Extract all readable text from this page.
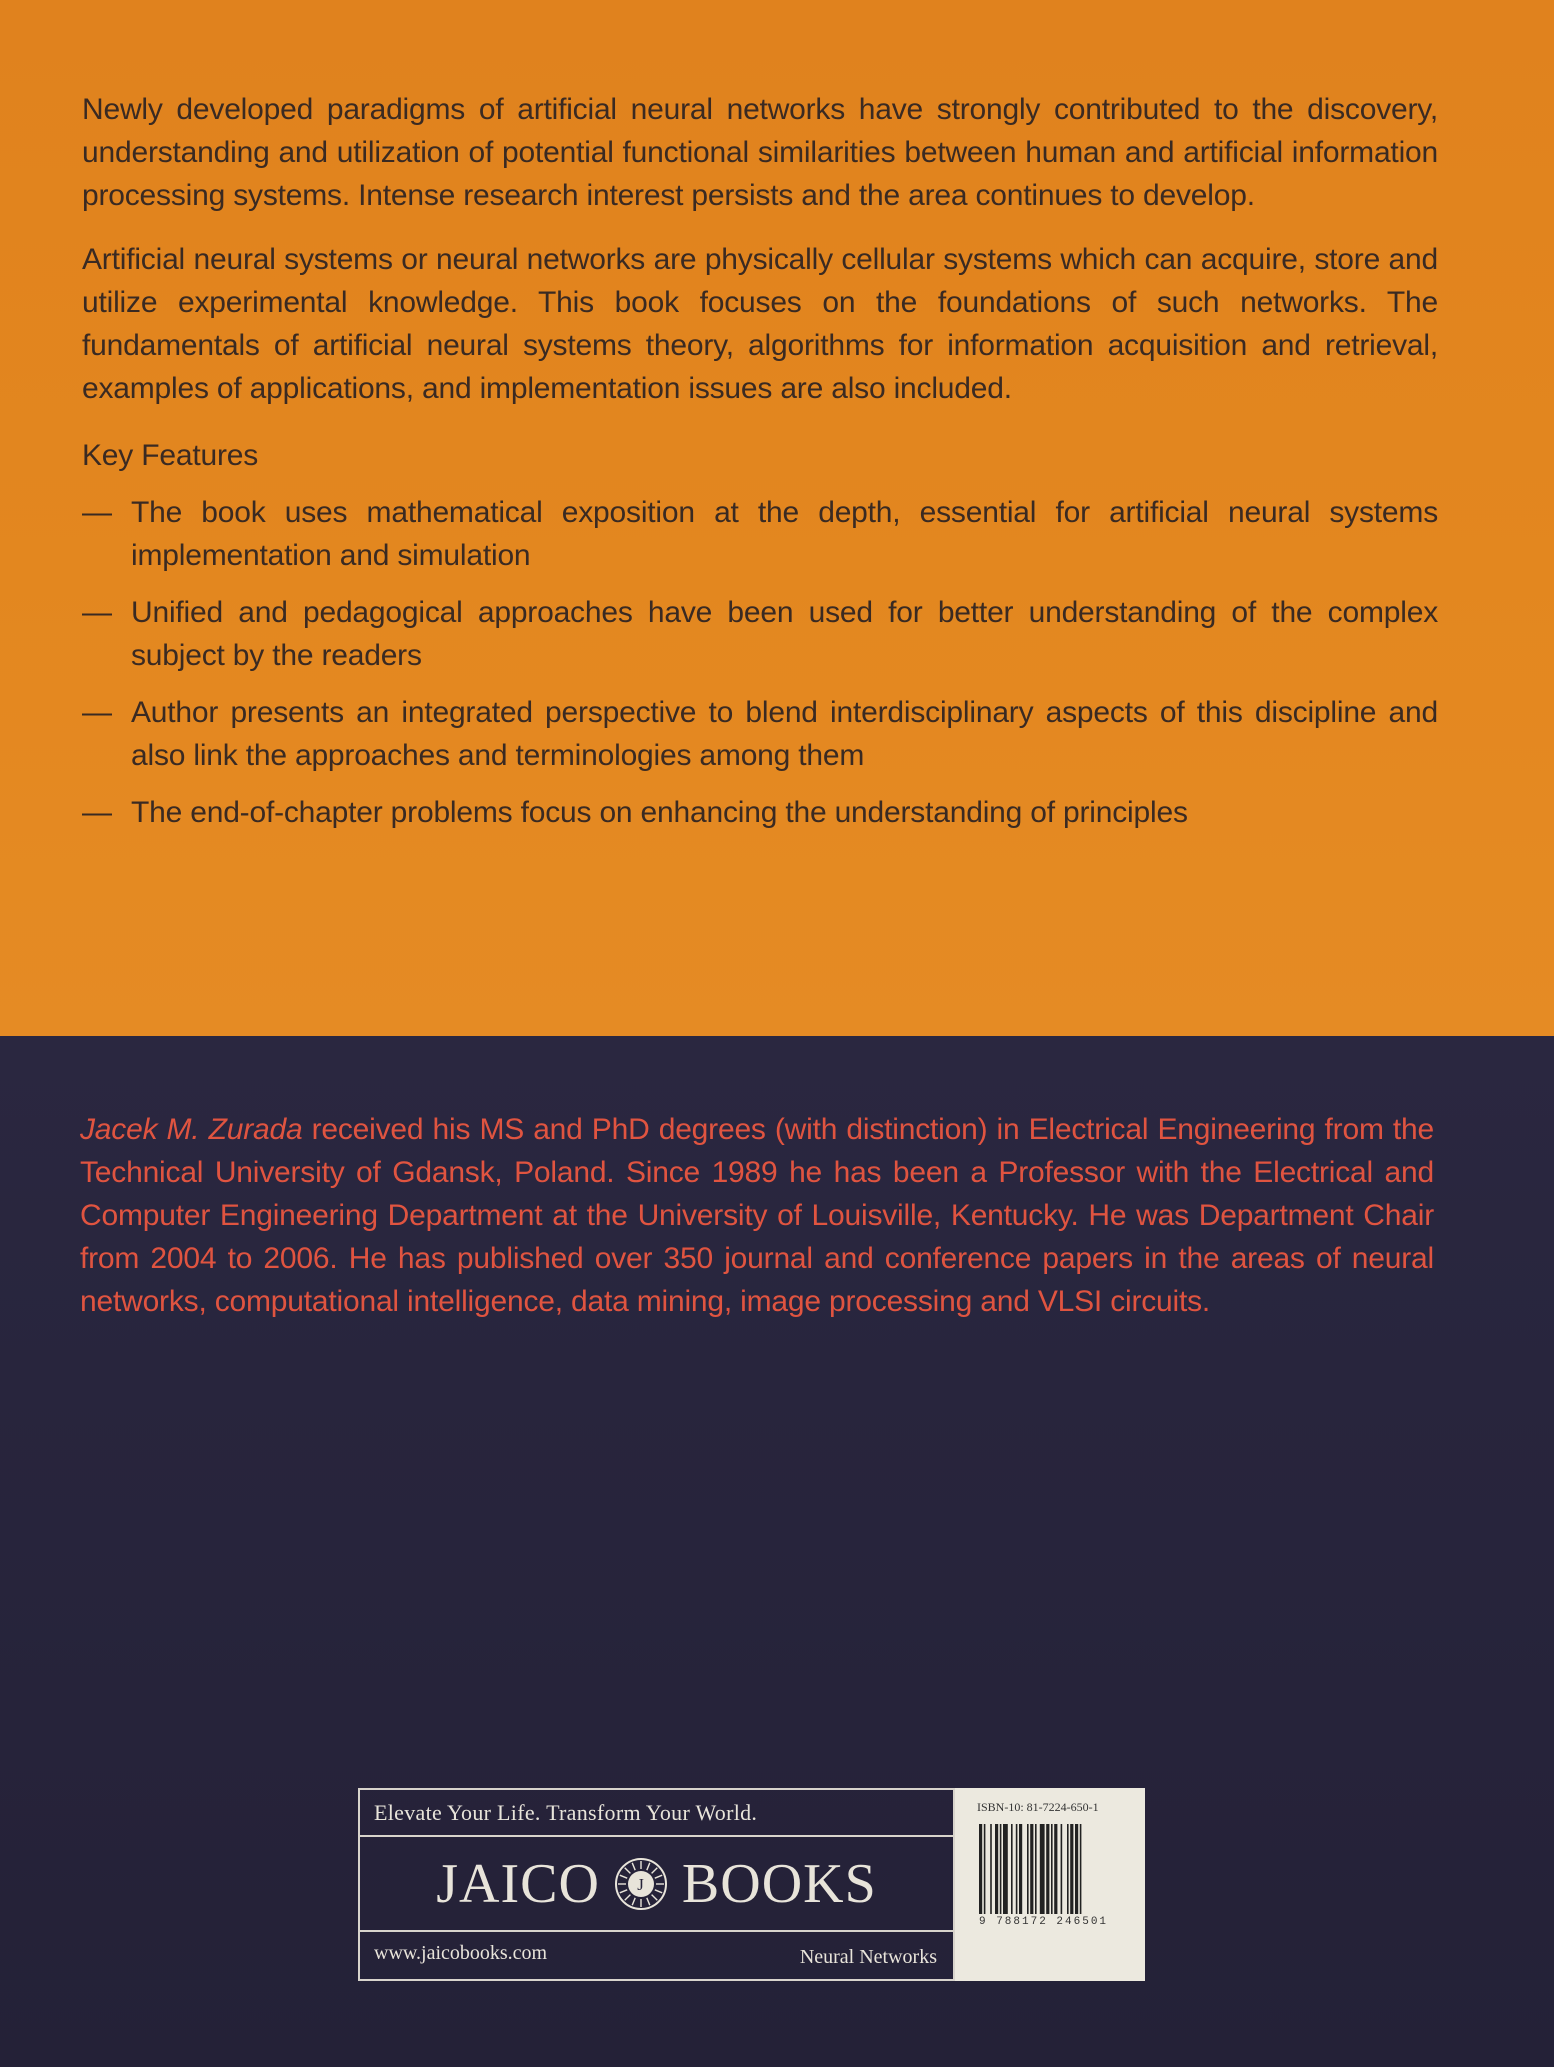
Newly developed paradigms of artificial neural networks have strongly contributed to the discovery, understanding and utilization of potential functional similarities between human and artificial information processing systems. Intense research interest persists and the area continues to develop.

Artificial neural systems or neural networks are physically cellular systems which can acquire, store and utilize experimental knowledge. This book focuses on the foundations of such networks. The fundamentals of artificial neural systems theory, algorithms for information acquisition and retrieval, examples of applications, and implementation issues are also included.

Key Features
— The book uses mathematical exposition at the depth, essential for artificial neural systems implementation and simulation
— Unified and pedagogical approaches have been used for better understanding of the complex subject by the readers
— Author presents an integrated perspective to blend interdisciplinary aspects of this discipline and also link the approaches and terminologies among them
— The end-of-chapter problems focus on enhancing the understanding of principles

Jacek M. Zurada received his MS and PhD degrees (with distinction) in Electrical Engineering from the Technical University of Gdansk, Poland. Since 1989 he has been a Professor with the Electrical and Computer Engineering Department at the University of Louisville, Kentucky. He was Department Chair from 2004 to 2006. He has published over 350 journal and conference papers in the areas of neural networks, computational intelligence, data mining, image processing and VLSI circuits.

Elevate Your Life. Transform Your World.
JAICO J BOOKS
www.jaicobooks.com	Neural Networks
ISBN-10: 81-7224-650-1
9 788172 246501
